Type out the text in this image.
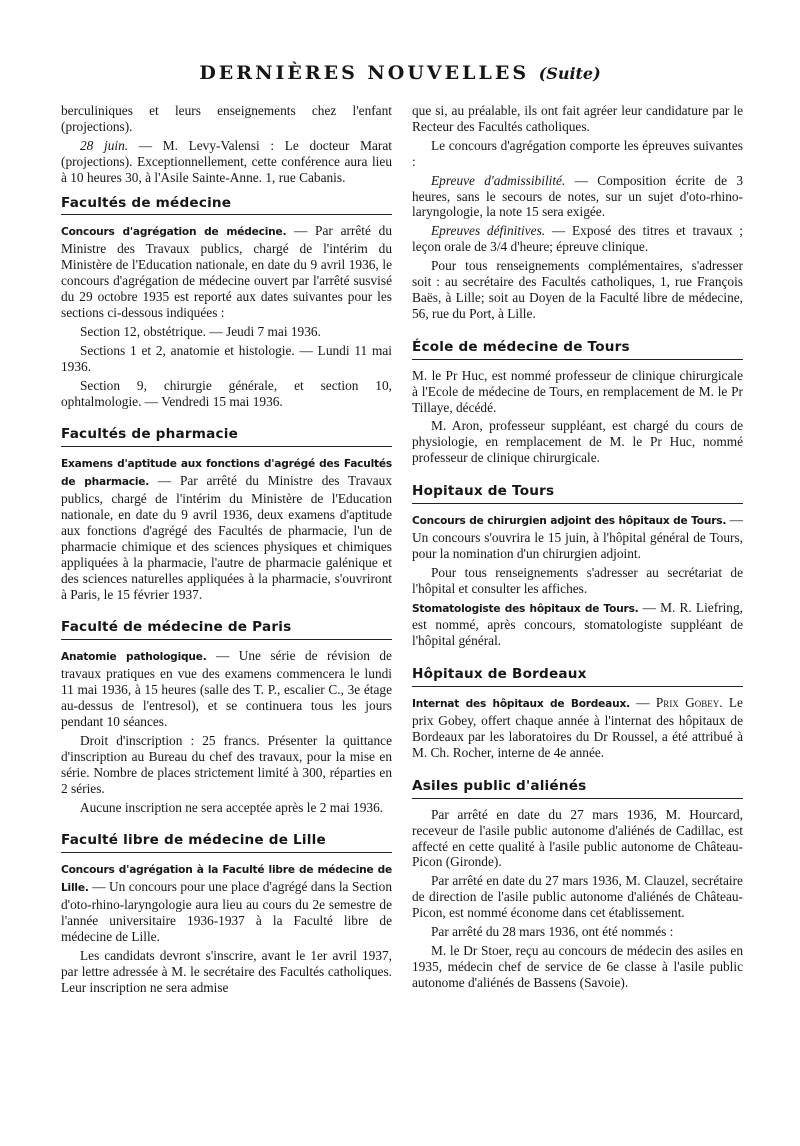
DERNIÈRES NOUVELLES (Suite)

berculiniques et leurs enseignements chez l'enfant (projections).

28 juin. — M. Levy-Valensi : Le docteur Marat (projections). Exceptionnellement, cette conférence aura lieu à 10 heures 30, à l'Asile Sainte-Anne. 1, rue Cabanis.

Facultés de médecine

Concours d'agrégation de médecine. — Par arrêté du Ministre des Travaux publics, chargé de l'intérim du Ministère de l'Education nationale, en date du 9 avril 1936, le concours d'agrégation de médecine ouvert par l'arrêté susvisé du 29 octobre 1935 est reporté aux dates suivantes pour les sections ci-dessous indiquées :

Section 12, obstétrique. — Jeudi 7 mai 1936.

Sections 1 et 2, anatomie et histologie. — Lundi 11 mai 1936.

Section 9, chirurgie générale, et section 10, ophtalmologie. — Vendredi 15 mai 1936.

Facultés de pharmacie

Examens d'aptitude aux fonctions d'agrégé des Facultés de pharmacie. — Par arrêté du Ministre des Travaux publics, chargé de l'intérim du Ministère de l'Education nationale, en date du 9 avril 1936, deux examens d'aptitude aux fonctions d'agrégé des Facultés de pharmacie, l'un de pharmacie chimique et des sciences physiques et chimiques appliquées à la pharmacie, l'autre de pharmacie galénique et des sciences naturelles appliquées à la pharmacie, s'ouvriront à Paris, le 15 février 1937.

Faculté de médecine de Paris

Anatomie pathologique. — Une série de révision de travaux pratiques en vue des examens commencera le lundi 11 mai 1936, à 15 heures (salle des T. P., escalier C., 3e étage au-dessus de l'entresol), et se continuera tous les jours pendant 10 séances.

Droit d'inscription : 25 francs. Présenter la quittance d'inscription au Bureau du chef des travaux, pour la mise en série. Nombre de places strictement limité à 300, réparties en 2 séries.

Aucune inscription ne sera acceptée après le 2 mai 1936.

Faculté libre de médecine de Lille

Concours d'agrégation à la Faculté libre de médecine de Lille. — Un concours pour une place d'agrégé dans la Section d'oto-rhino-laryngologie aura lieu au cours du 2e semestre de l'année universitaire 1936-1937 à la Faculté libre de médecine de Lille.

Les candidats devront s'inscrire, avant le 1er avril 1937, par lettre adressée à M. le secrétaire des Facultés catholiques. Leur inscription ne sera admise

que si, au préalable, ils ont fait agréer leur candidature par le Recteur des Facultés catholiques.

Le concours d'agrégation comporte les épreuves suivantes :

Epreuve d'admissibilité. — Composition écrite de 3 heures, sans le secours de notes, sur un sujet d'oto-rhino-laryngologie, la note 15 sera exigée.

Epreuves définitives. — Exposé des titres et travaux ; leçon orale de 3/4 d'heure; épreuve clinique.

Pour tous renseignements complémentaires, s'adresser soit : au secrétaire des Facultés catholiques, 1, rue François Baës, à Lille; soit au Doyen de la Faculté libre de médecine, 56, rue du Port, à Lille.

École de médecine de Tours

M. le Pr Huc, est nommé professeur de clinique chirurgicale à l'Ecole de médecine de Tours, en remplacement de M. le Pr Tillaye, décédé.

M. Aron, professeur suppléant, est chargé du cours de physiologie, en remplacement de M. le Pr Huc, nommé professeur de clinique chirurgicale.

Hopitaux de Tours

Concours de chirurgien adjoint des hôpitaux de Tours. — Un concours s'ouvrira le 15 juin, à l'hôpital général de Tours, pour la nomination d'un chirurgien adjoint.

Pour tous renseignements s'adresser au secrétariat de l'hôpital et consulter les affiches.

Stomatologiste des hôpitaux de Tours. — M. R. Liefring, est nommé, après concours, stomatologiste suppléant de l'hôpital général.

Hôpitaux de Bordeaux

Internat des hôpitaux de Bordeaux. — Prix Gobey. Le prix Gobey, offert chaque année à l'internat des hôpitaux de Bordeaux par les laboratoires du Dr Roussel, a été attribué à M. Ch. Rocher, interne de 4e année.

Asiles public d'aliénés

Par arrêté en date du 27 mars 1936, M. Hourcard, receveur de l'asile public autonome d'aliénés de Cadillac, est affecté en cette qualité à l'asile public autonome de Château-Picon (Gironde).

Par arrêté en date du 27 mars 1936, M. Clauzel, secrétaire de direction de l'asile public autonome d'aliénés de Château-Picon, est nommé économe dans cet établissement.

Par arrêté du 28 mars 1936, ont été nommés :

M. le Dr Stoer, reçu au concours de médecin des asiles en 1935, médecin chef de service de 6e classe à l'asile public autonome d'aliénés de Bassens (Savoie).
